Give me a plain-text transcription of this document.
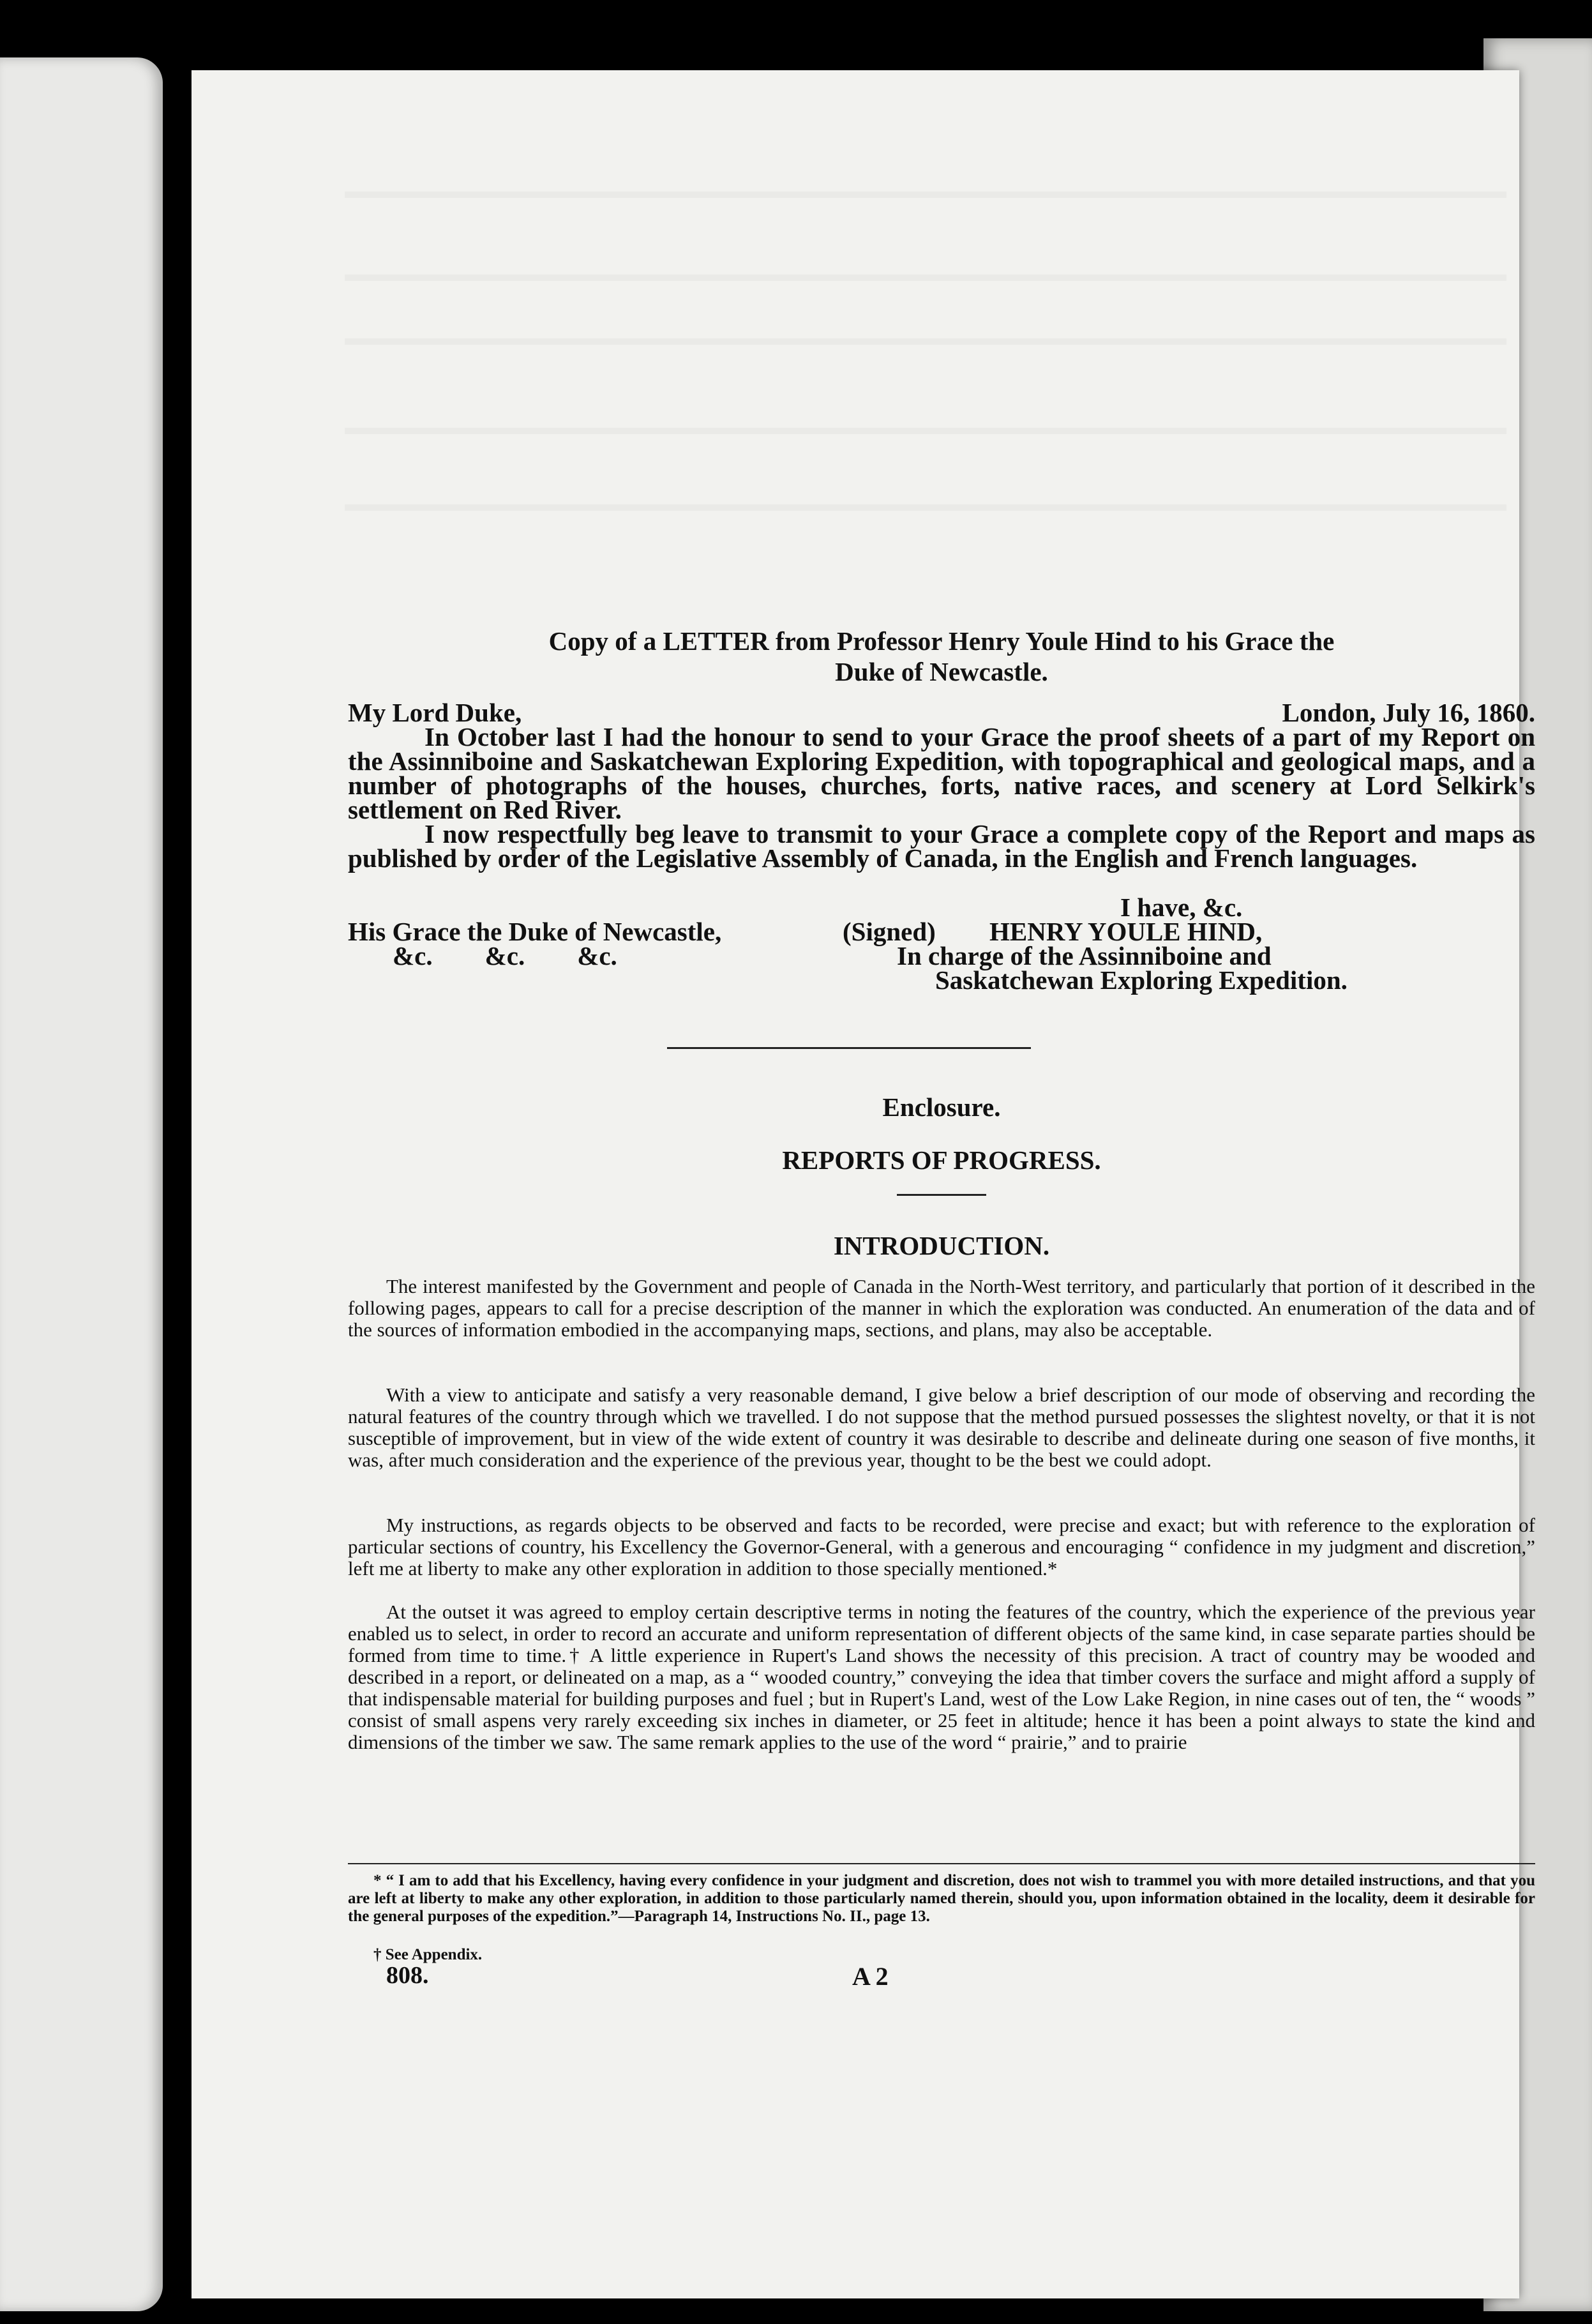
Copy of a LETTER from Professor Henry Youle Hind to his Grace the
Duke of Newcastle.
My Lord Duke,	London, July 16, 1860.
In October last I had the honour to send to your Grace the proof sheets of a part of my Report on the Assinniboine and Saskatchewan Exploring Expedition, with topographical and geological maps, and a number of photographs of the houses, churches, forts, native races, and scenery at Lord Selkirk's settlement on Red River.
I now respectfully beg leave to transmit to your Grace a complete copy of the Report and maps as published by order of the Legislative Assembly of Canada, in the English and French languages.
I have, &c.
His Grace the Duke of Newcastle,
&c.        &c.        &c.
(Signed) HENRY YOULE HIND,
In charge of the Assinniboine and
Saskatchewan Exploring Expedition.
Enclosure.
REPORTS OF PROGRESS.
INTRODUCTION.
The interest manifested by the Government and people of Canada in the North-West territory, and particularly that portion of it described in the following pages, appears to call for a precise description of the manner in which the exploration was conducted. An enumeration of the data and of the sources of information embodied in the accompanying maps, sections, and plans, may also be acceptable.
With a view to anticipate and satisfy a very reasonable demand, I give below a brief description of our mode of observing and recording the natural features of the country through which we travelled. I do not suppose that the method pursued possesses the slightest novelty, or that it is not susceptible of improvement, but in view of the wide extent of country it was desirable to describe and delineate during one season of five months, it was, after much consideration and the experience of the previous year, thought to be the best we could adopt.
My instructions, as regards objects to be observed and facts to be recorded, were precise and exact; but with reference to the exploration of particular sections of country, his Excellency the Governor-General, with a generous and encouraging “ confidence in my judgment and discretion,” left me at liberty to make any other exploration in addition to those specially mentioned.*
At the outset it was agreed to employ certain descriptive terms in noting the features of the country, which the experience of the previous year enabled us to select, in order to record an accurate and uniform representation of different objects of the same kind, in case separate parties should be formed from time to time.† A little experience in Rupert's Land shows the necessity of this precision. A tract of country may be wooded and described in a report, or delineated on a map, as a “ wooded country,” conveying the idea that timber covers the surface and might afford a supply of that indispensable material for building purposes and fuel ; but in Rupert's Land, west of the Low Lake Region, in nine cases out of ten, the “ woods ” consist of small aspens very rarely exceeding six inches in diameter, or 25 feet in altitude; hence it has been a point always to state the kind and dimensions of the timber we saw. The same remark applies to the use of the word “ prairie,” and to prairie
* “ I am to add that his Excellency, having every confidence in your judgment and discretion, does not wish to trammel you with more detailed instructions, and that you are left at liberty to make any other exploration, in addition to those particularly named therein, should you, upon information obtained in the locality, deem it desirable for the general purposes of the expedition.”—Paragraph 14, Instructions No. II., page 13.
† See Appendix.
808.	A 2
